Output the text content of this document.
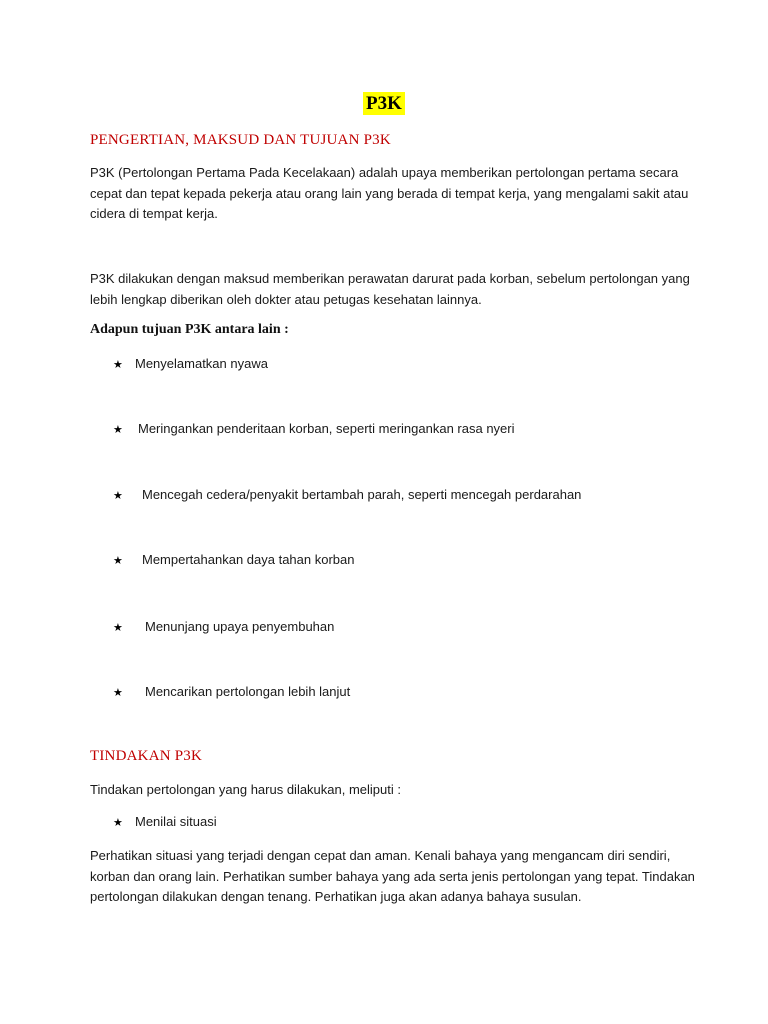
P3K
PENGERTIAN, MAKSUD DAN TUJUAN P3K
P3K (Pertolongan Pertama Pada Kecelakaan) adalah upaya memberikan pertolongan pertama secara
cepat dan tepat kepada pekerja atau orang lain yang berada di tempat kerja, yang mengalami sakit atau
cidera di tempat kerja.
P3K dilakukan dengan maksud memberikan perawatan darurat pada korban, sebelum pertolongan yang
lebih lengkap diberikan oleh dokter atau petugas kesehatan lainnya.
Adapun tujuan P3K antara lain :
★ Menyelamatkan nyawa
★ Meringankan penderitaan korban, seperti meringankan rasa nyeri
★ Mencegah cedera/penyakit bertambah parah, seperti mencegah perdarahan
★ Mempertahankan daya tahan korban
★ Menunjang upaya penyembuhan
★ Mencarikan pertolongan lebih lanjut
TINDAKAN P3K
Tindakan pertolongan yang harus dilakukan, meliputi :
★ Menilai situasi
Perhatikan situasi yang terjadi dengan cepat dan aman. Kenali bahaya yang mengancam diri sendiri,
korban dan orang lain. Perhatikan sumber bahaya yang ada serta jenis pertolongan yang tepat. Tindakan
pertolongan dilakukan dengan tenang. Perhatikan juga akan adanya bahaya susulan.
